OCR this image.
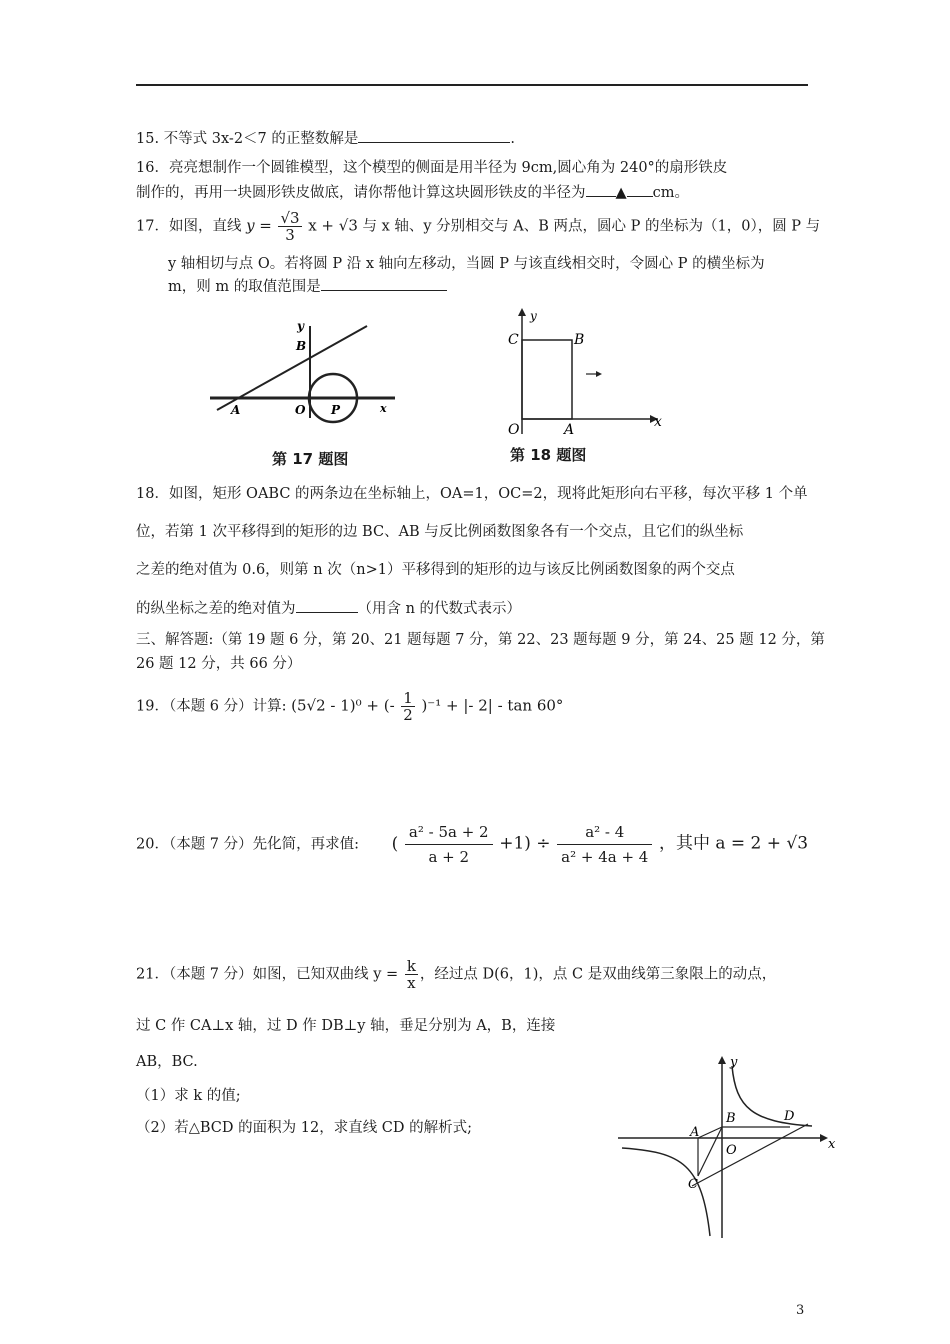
15. 不等式 3x-2＜7 的正整数解是	.
16．亮亮想制作一个圆锥模型，这个模型的侧面是用半径为 9cm,圆心角为 240°的扇形铁皮
制作的，再用一块圆形铁皮做底，请你帮他计算这块圆形铁皮的半径为 ▲ cm。
17．如图，直线 $y = \frac{√3}{3}$ x + √3 与 x 轴、y 分别相交与 A、B 两点，圆心 P 的坐标为（1，0），圆 P 与
y 轴相切与点 O。若将圆 P 沿 x 轴向左移动，当圆 P 与该直线相交时，令圆心 P 的横坐标为
m，则 m 的取值范围是
y
B
A	O P	x
第 17 题图
y
C	B
O	A	x
第 18 题图
18．如图，矩形 OABC 的两条边在坐标轴上，OA=1，OC=2，现将此矩形向右平移，每次平移 1 个单
位，若第 1 次平移得到的矩形的边 BC、AB 与反比例函数图象各有一个交点，且它们的纵坐标
之差的绝对值为 0.6，则第 n 次（n>1）平移得到的矩形的边与该反比例函数图象的两个交点
的纵坐标之差的绝对值为	（用含 n 的代数式表示）
三、解答题:（第 19 题 6 分，第 20、21 题每题 7 分，第 22、23 题每题 9 分，第 24、25 题 12 分，第
26 题 12 分，共 66 分）
19．（本题 6 分）计算: (5√2 - 1)⁰ + (- $\frac{1}{2} )^{-1}$ + |- 2| - tan 60°
20．（本题 7 分）先化简，再求值: ( $\frac{\text{a² - 5a + 2}}{a + 2} +1) \div \frac{\text{a² - 4}}{\text{a² + 4a + 4}}$ ，其中 a = 2 + √3
21．（本题 7 分）如图，已知双曲线 $y = \frac{k}{x}$ ，经过点 D(6，1)，点 C 是双曲线第三象限上的动点，
过 C 作 CA⊥x 轴，过 D 作 DB⊥y 轴，垂足分别为 A，B，连接
AB，BC.
（1）求 k 的值;
（2）若△BCD 的面积为 12，求直线 CD 的解析式;
y
B	D
A
O
C
x
3
